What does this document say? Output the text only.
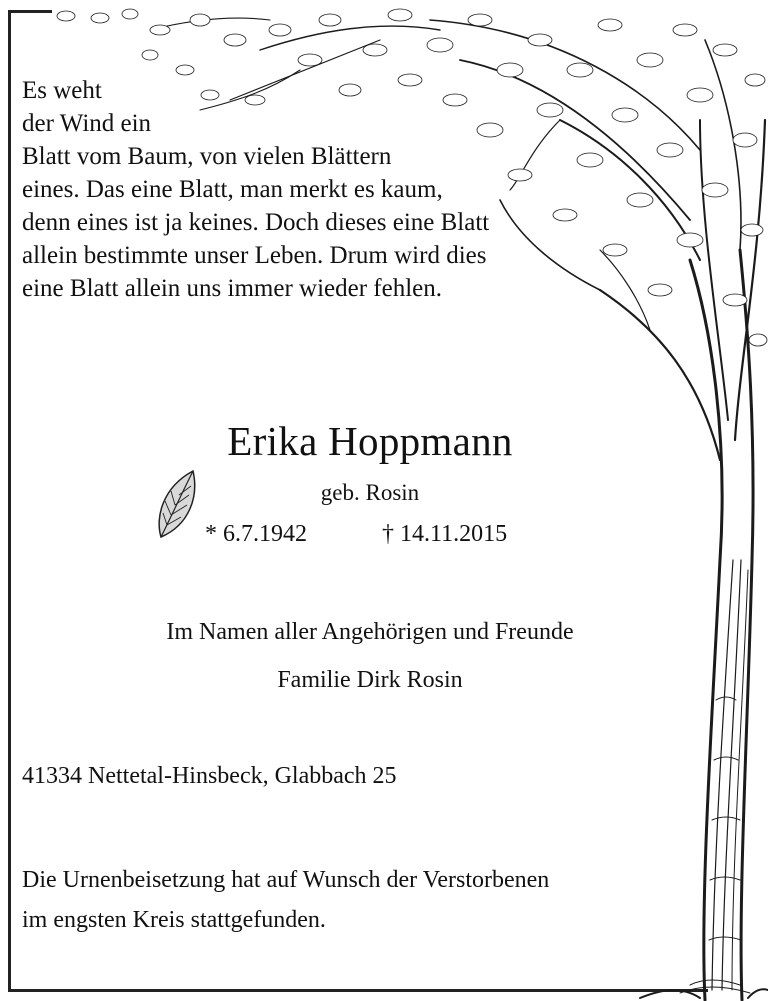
Es weht
der Wind ein
Blatt vom Baum, von vielen Blättern
eines. Das eine Blatt, man merkt es kaum,
denn eines ist ja keines. Doch dieses eine Blatt
allein bestimmte unser Leben. Drum wird dies
eine Blatt allein uns immer wieder fehlen.
Erika Hoppmann
geb. Rosin
* 6.7.1942	† 14.11.2015
Im Namen aller Angehörigen und Freunde
Familie Dirk Rosin
41334 Nettetal-Hinsbeck, Glabbach 25
Die Urnenbeisetzung hat auf Wunsch der Verstorbenen
im engsten Kreis stattgefunden.
